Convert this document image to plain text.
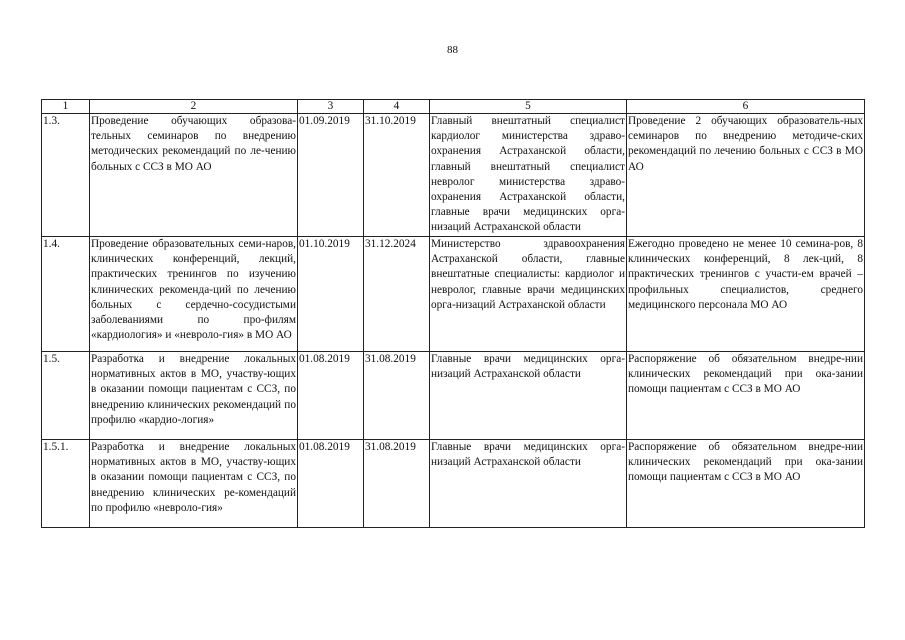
88
1	2	3	4	5	6
1.3.	Проведение обучающих образова-тельных семинаров по внедрению методических рекомендаций по ле-чению больных с ССЗ в МО АО	01.09.2019	31.10.2019	Главный внештатный специалист кардиолог министерства здраво-охранения Астраханской области, главный внештатный специалист невролог министерства здраво-охранения Астраханской области, главные врачи медицинских орга-низаций Астраханской области	Проведение 2 обучающих образователь-ных семинаров по внедрению методиче-ских рекомендаций по лечению больных с ССЗ в МО АО

1.4.	Проведение образовательных семи-наров, клинических конференций, лекций, практических тренингов по изучению клинических рекоменда-ций по лечению больных с сердечно-сосудистыми заболеваниями по про-филям «кардиология» и «невроло-гия» в МО АО	01.10.2019	31.12.2024	Министерство здравоохранения Астраханской области, главные внештатные специалисты: кардиолог и невролог, главные врачи медицинских орга-низаций Астраханской области	Ежегодно проведено не менее 10 семина-ров, 8 клинических конференций, 8 лек-ций, 8 практических тренингов с участи-ем врачей – профильных специалистов, среднего медицинского персонала МО АО

1.5.	Разработка и внедрение локальных нормативных актов в МО, участву-ющих в оказании помощи пациентам с ССЗ, по внедрению клинических рекомендаций по профилю «кардио-логия»	01.08.2019	31.08.2019	Главные врачи медицинских орга-низаций Астраханской области	Распоряжение об обязательном внедре-нии клинических рекомендаций при ока-зании помощи пациентам с ССЗ в МО АО

1.5.1.	Разработка и внедрение локальных нормативных актов в МО, участву-ющих в оказании помощи пациентам с ССЗ, по внедрению клинических ре-комендаций по профилю «невроло-гия»	01.08.2019	31.08.2019	Главные врачи медицинских орга-низаций Астраханской области	Распоряжение об обязательном внедре-нии клинических рекомендаций при ока-зании помощи пациентам с ССЗ в МО АО
